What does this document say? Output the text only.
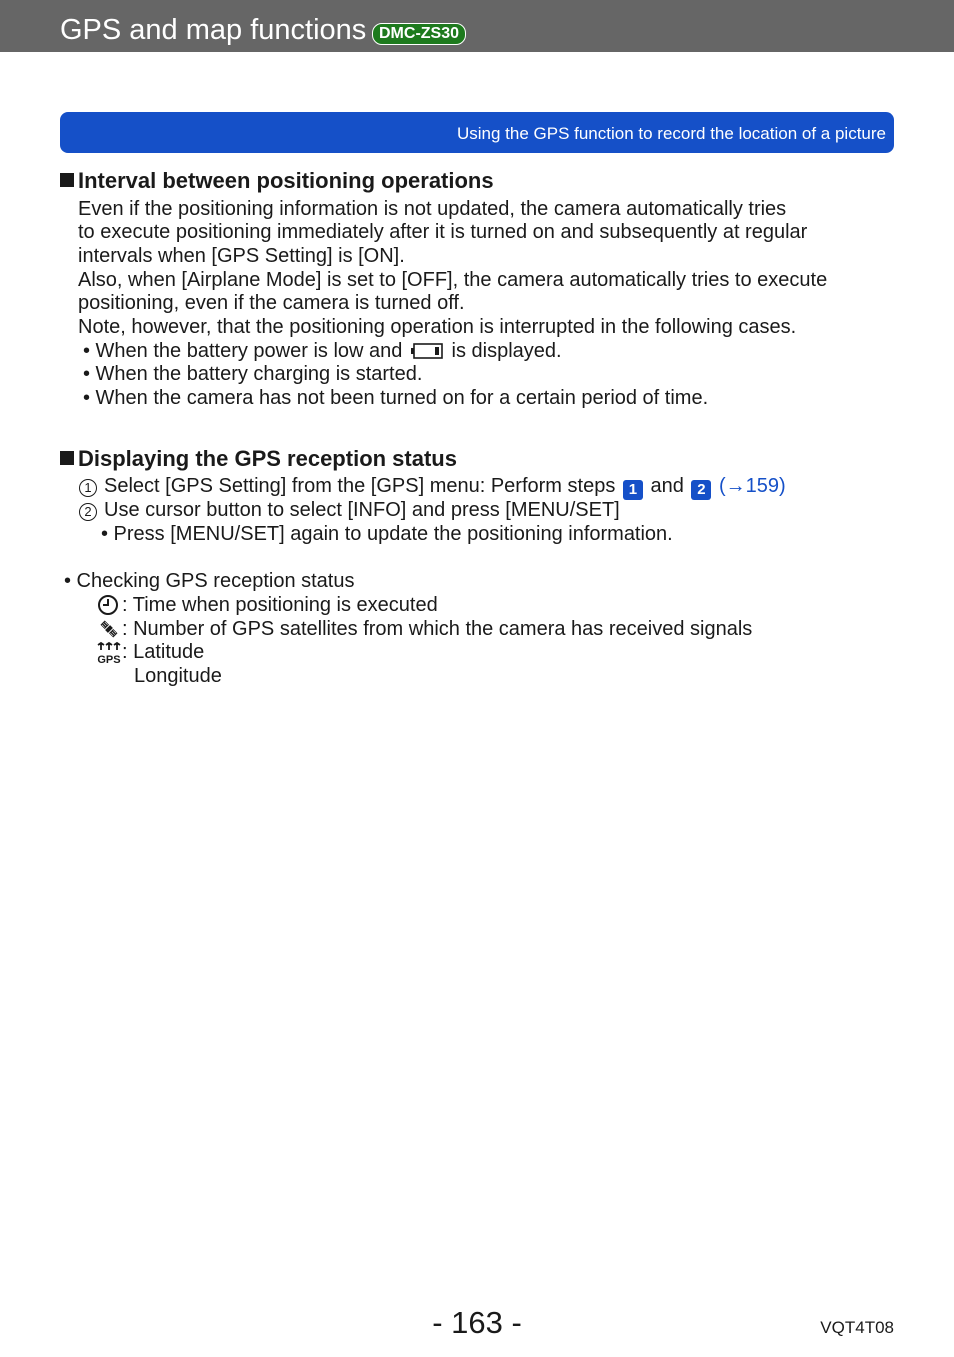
GPS and map functions DMC-ZS30
Using the GPS function to record the location of a picture
Interval between positioning operations
Even if the positioning information is not updated, the camera automatically tries
to execute positioning immediately after it is turned on and subsequently at regular
intervals when [GPS Setting] is [ON].
Also, when [Airplane Mode] is set to [OFF], the camera automatically tries to execute
positioning, even if the camera is turned off.
Note, however, that the positioning operation is interrupted in the following cases.
• When the battery power is low and is displayed.
• When the battery charging is started.
• When the camera has not been turned on for a certain period of time.
Displaying the GPS reception status
1 Select [GPS Setting] from the [GPS] menu: Perform steps 1 and 2 (→159)
2 Use cursor button to select [INFO] and press [MENU/SET]
• Press [MENU/SET] again to update the positioning information.
• Checking GPS reception status
: Time when positioning is executed
: Number of GPS satellites from which the camera has received signals
GPS : Latitude
Longitude
- 163 -	VQT4T08
